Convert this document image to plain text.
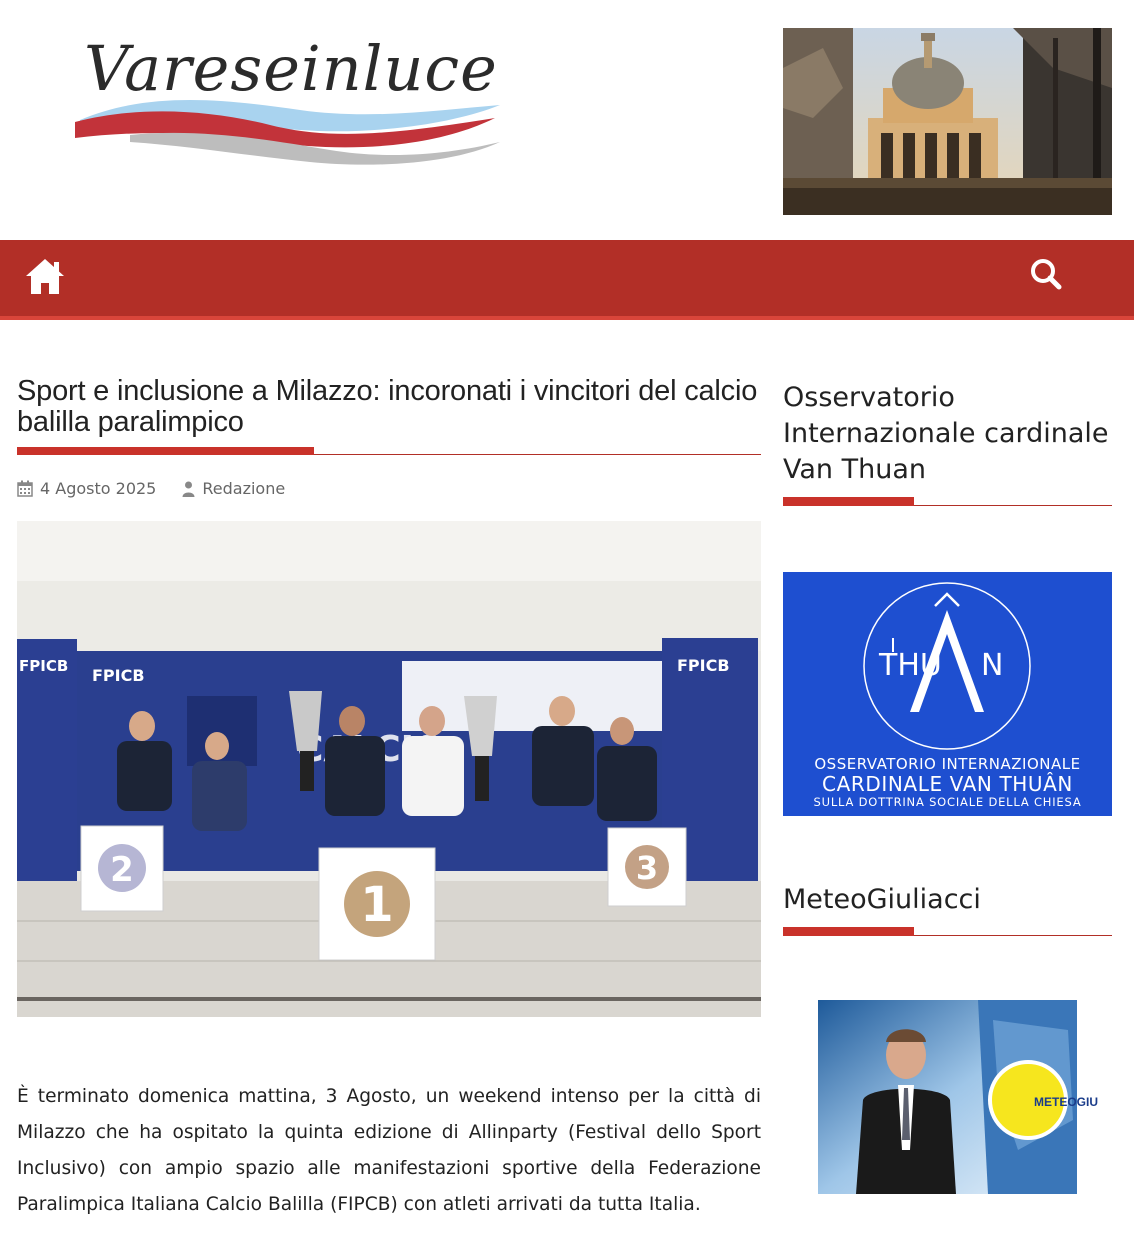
Vareseinluce
Sport e inclusione a Milazzo: incoronati i vincitori del calcio balilla paralimpico
4 Agosto 2025	Redazione
FPICB	FPICB
FPICB
2
1
3

È terminato domenica mattina, 3 Agosto, un weekend intenso per la città di Milazzo che ha ospitato la quinta edizione di Allinparty (Festival dello Sport Inclusivo) con ampio spazio alle manifestazioni sportive della Federazione Paralimpica Italiana Calcio Balilla (FIPCB) con atleti arrivati da tutta Italia.

Osservatorio Internazionale cardinale Van Thuan
THU N
OSSERVATORIO INTERNAZIONALE
CARDINALE VAN THUÂN
SULLA DOTTRINA SOCIALE DELLA CHIESA
MeteoGiuliacci
METEOGIU
